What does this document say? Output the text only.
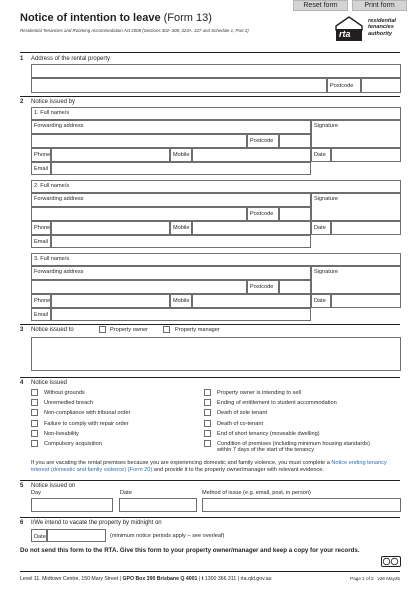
Reset form	Print form
Notice of intention to leave (Form 13)
Residential Tenancies and Rooming Accommodation Act 2008 (Sections 302–308, 324A, 327 and Schedule 1, Part 2)	rta
residential
tenancies
authority
1 Address of the rental property
Postcode
2 Notice issued by
1. Full name/s
Forwarding address
Postcode
Signature
Phone	Mobile	Date
Email
2. Full name/s
Forwarding address
Postcode
Signature
Phone	Mobile	Date
Email
3. Full name/s
Forwarding address
Postcode
Signature
Phone	Mobile	Date
Email
3 Notice issued to	Property owner	Property manager
4 Notice issued
Without grounds
Unremedied breach
Non-compliance with tribunal order
Failure to comply with repair order
Non-liveability
Compulsory acquisition
Property owner is intending to sell
Ending of entitlement to student accommodation
Death of sole tenant
Death of co-tenant
End of short tenancy (moveable dwelling)
Condition of premises (including minimum housing standards)
within 7 days of the start of the tenancy
If you are vacating the rental premises because you are experiencing domestic and family violence, you must complete a Notice ending tenancy interest (domestic and family violence) (Form 20) and provide it to the property owner/manager with relevant evidence.
5 Notice issued on
Day	Date	Method of issue (e.g. email, post, in person)
6 I/We intend to vacate the property by midnight on
Date	(minimum notice periods apply – see overleaf)
Do not send this form to the RTA. Give this form to your property owner/manager and keep a copy for your records.
Level 11, Midtown Centre, 150 Mary Street | GPO Box 390 Brisbane Q 4001 | t 1300 366 311 | rta.qld.gov.au	Page 1 of 2 v26 May25
